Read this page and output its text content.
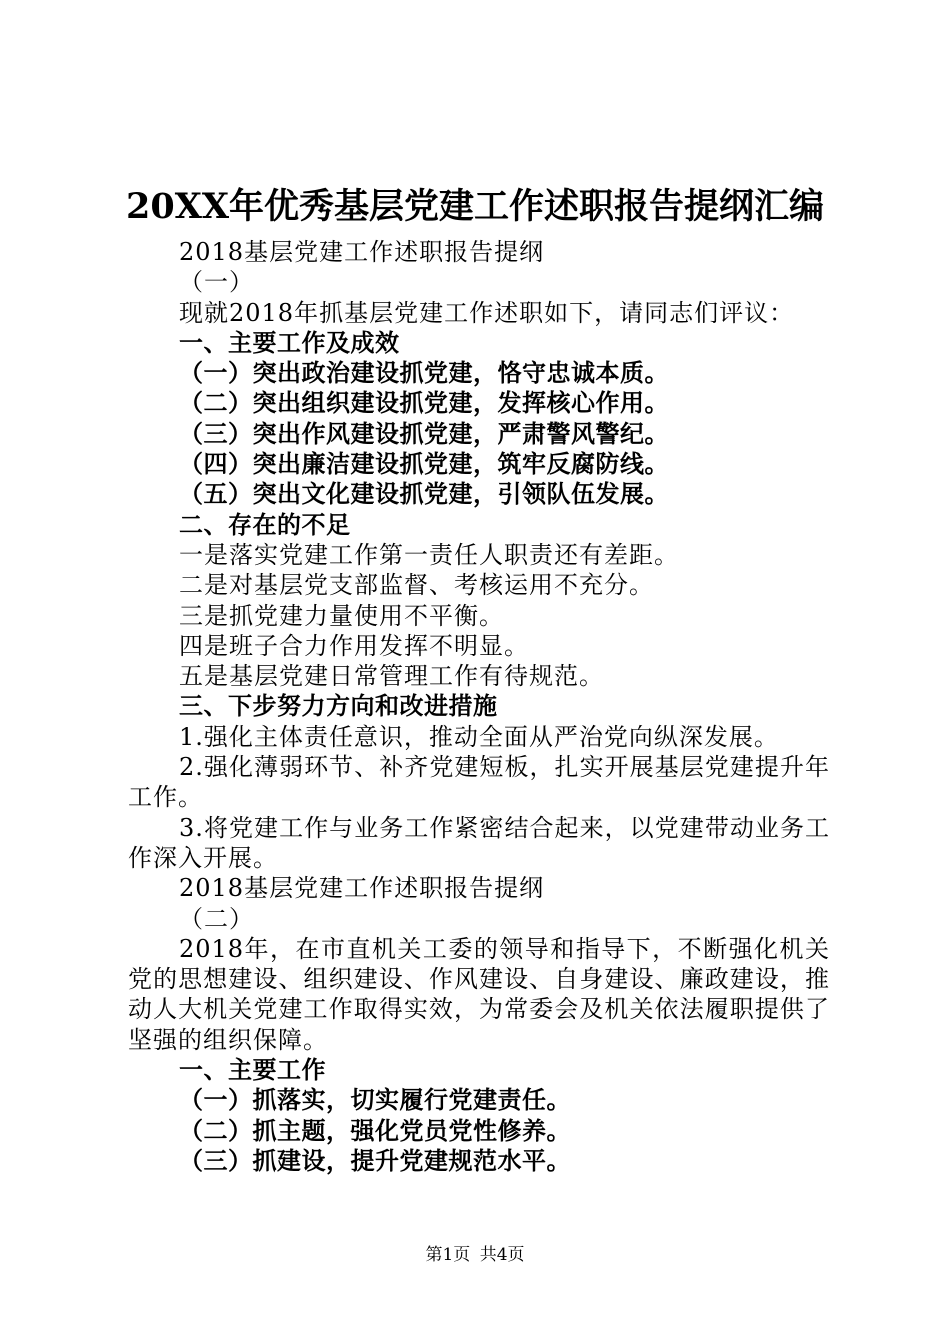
20XX年优秀基层党建工作述职报告提纲汇编
2018基层党建工作述职报告提纲
（一）
现就2018年抓基层党建工作述职如下，请同志们评议：
一、主要工作及成效
（一）突出政治建设抓党建，恪守忠诚本质。
（二）突出组织建设抓党建，发挥核心作用。
（三）突出作风建设抓党建，严肃警风警纪。
（四）突出廉洁建设抓党建，筑牢反腐防线。
（五）突出文化建设抓党建，引领队伍发展。
二、存在的不足
一是落实党建工作第一责任人职责还有差距。
二是对基层党支部监督、考核运用不充分。
三是抓党建力量使用不平衡。
四是班子合力作用发挥不明显。
五是基层党建日常管理工作有待规范。
三、下步努力方向和改进措施
1.强化主体责任意识，推动全面从严治党向纵深发展。
2.强化薄弱环节、补齐党建短板，扎实开展基层党建提升年工作。
3.将党建工作与业务工作紧密结合起来，以党建带动业务工作深入开展。
2018基层党建工作述职报告提纲
（二）
2018年，在市直机关工委的领导和指导下，不断强化机关党的思想建设、组织建设、作风建设、自身建设、廉政建设，推动人大机关党建工作取得实效，为常委会及机关依法履职提供了坚强的组织保障。
一、主要工作
（一）抓落实，切实履行党建责任。
（二）抓主题，强化党员党性修养。
（三）抓建设，提升党建规范水平。
第1页 共4页
